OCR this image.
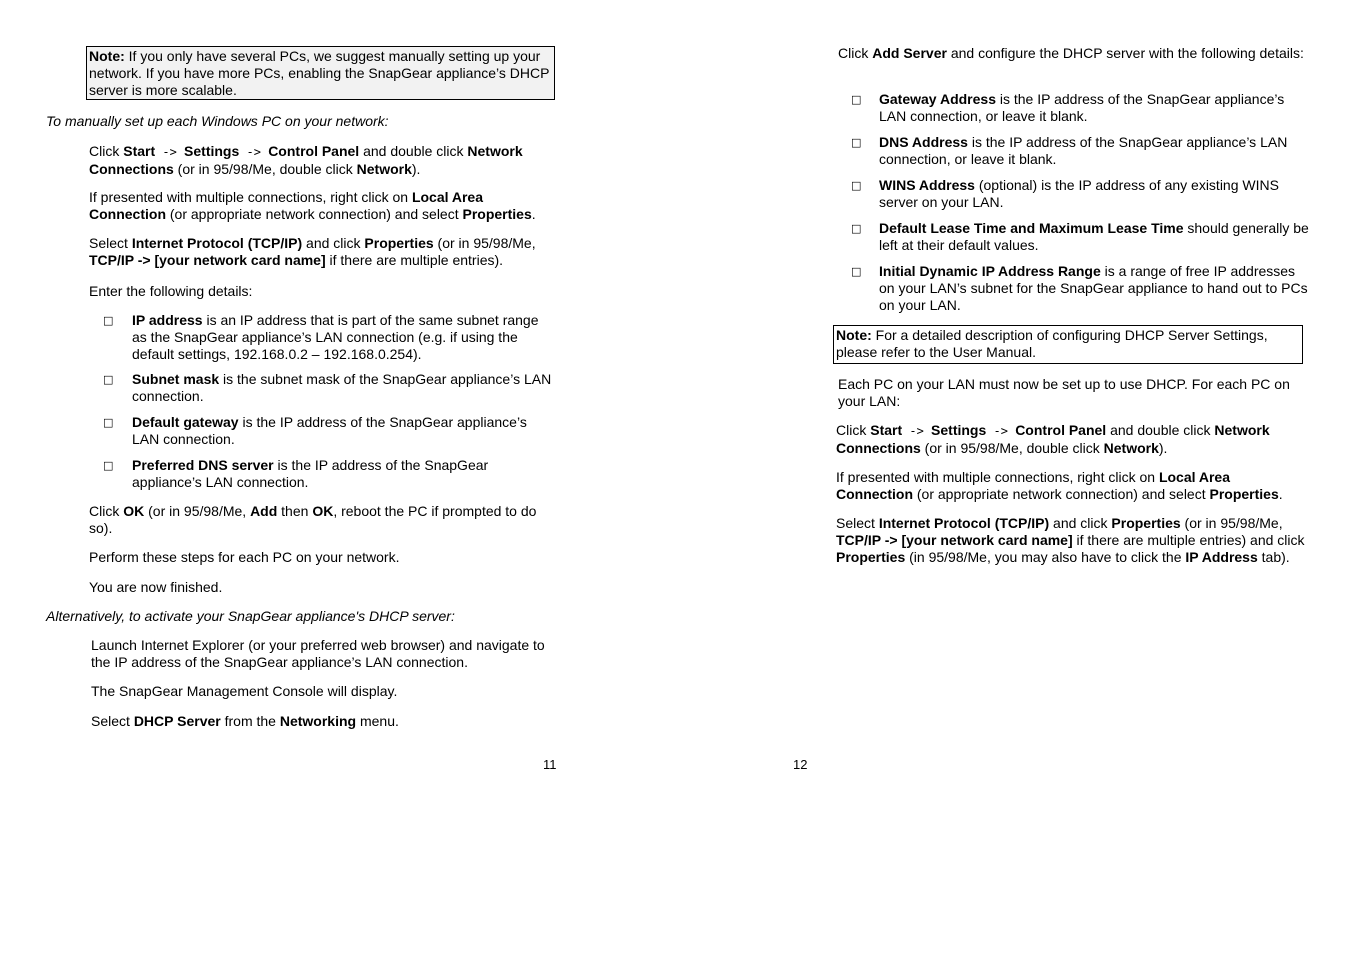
Note: If you only have several PCs, we suggest manually setting up your network. If you have more PCs, enabling the SnapGear appliance’s DHCP server is more scalable.

To manually set up each Windows PC on your network:

Click Start -> Settings -> Control Panel and double click Network Connections (or in 95/98/Me, double click Network).

If presented with multiple connections, right click on Local Area Connection (or appropriate network connection) and select Properties.

Select Internet Protocol (TCP/IP) and click Properties (or in 95/98/Me, TCP/IP -> [your network card name] if there are multiple entries).

Enter the following details:

□ IP address is an IP address that is part of the same subnet range as the SnapGear appliance’s LAN connection (e.g. if using the default settings, 192.168.0.2 – 192.168.0.254).

□ Subnet mask is the subnet mask of the SnapGear appliance’s LAN connection.

□ Default gateway is the IP address of the SnapGear appliance’s LAN connection.

□ Preferred DNS server is the IP address of the SnapGear appliance’s LAN connection.

Click OK (or in 95/98/Me, Add then OK, reboot the PC if prompted to do so).

Perform these steps for each PC on your network.

You are now finished.

Alternatively, to activate your SnapGear appliance's DHCP server:

Launch Internet Explorer (or your preferred web browser) and navigate to the IP address of the SnapGear appliance’s LAN connection.

The SnapGear Management Console will display.

Select DHCP Server from the Networking menu.

11	12

Click Add Server and configure the DHCP server with the following details:

□ Gateway Address is the IP address of the SnapGear appliance’s LAN connection, or leave it blank.

□ DNS Address is the IP address of the SnapGear appliance’s LAN connection, or leave it blank.

□ WINS Address (optional) is the IP address of any existing WINS server on your LAN.

□ Default Lease Time and Maximum Lease Time should generally be left at their default values.

□ Initial Dynamic IP Address Range is a range of free IP addresses on your LAN’s subnet for the SnapGear appliance to hand out to PCs on your LAN.

Note: For a detailed description of configuring DHCP Server Settings, please refer to the User Manual.

Each PC on your LAN must now be set up to use DHCP. For each PC on your LAN:

Click Start -> Settings -> Control Panel and double click Network Connections (or in 95/98/Me, double click Network).

If presented with multiple connections, right click on Local Area Connection (or appropriate network connection) and select Properties.

Select Internet Protocol (TCP/IP) and click Properties (or in 95/98/Me, TCP/IP -> [your network card name] if there are multiple entries) and click Properties (in 95/98/Me, you may also have to click the IP Address tab).
